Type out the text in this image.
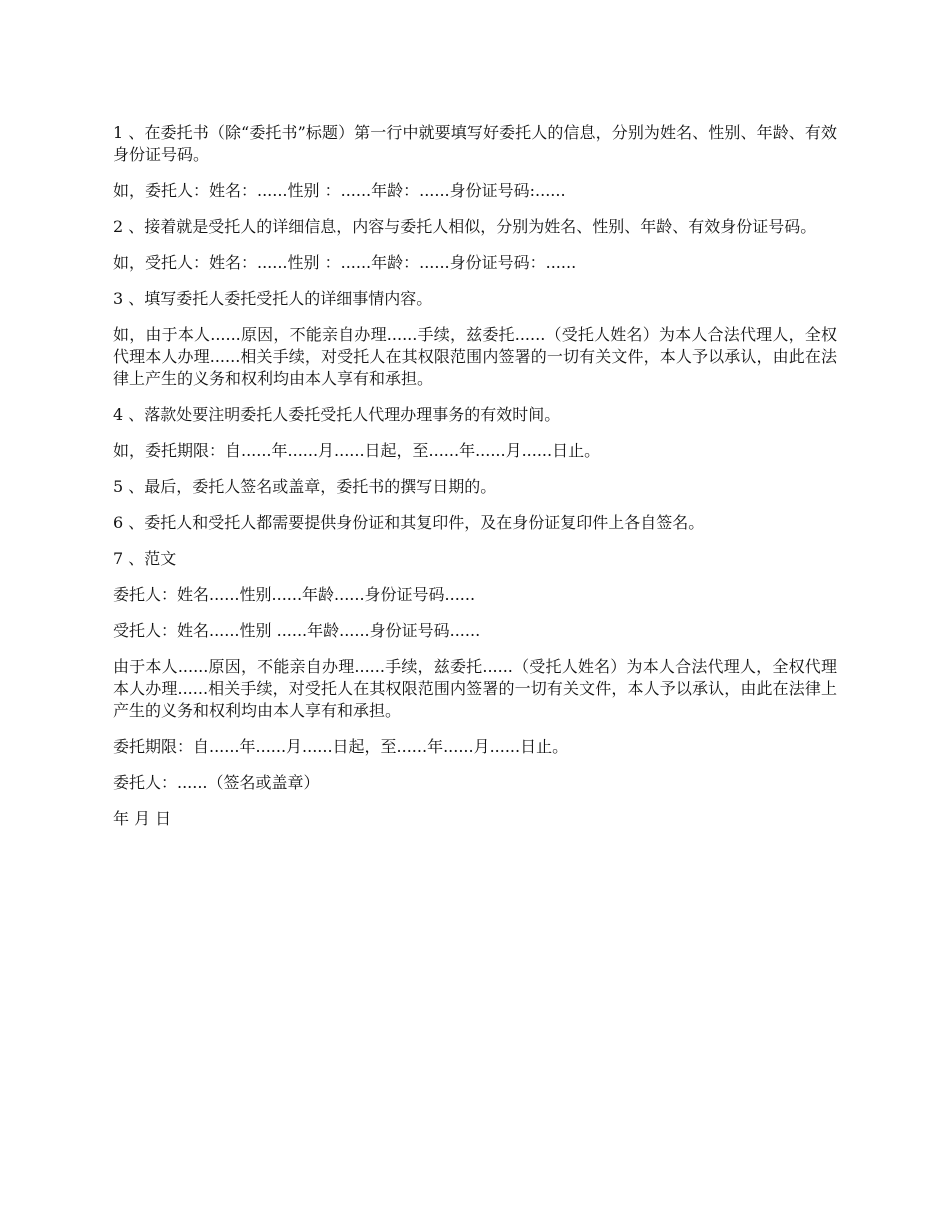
1 、在委托书（除“委托书”标题）第一行中就要填写好委托人的信息，分别为姓名、性别、年龄、有效身份证号码。

如，委托人：姓名：......性别 ：......年龄：......身份证号码:......

2 、接着就是受托人的详细信息，内容与委托人相似，分别为姓名、性别、年龄、有效身份证号码。

如，受托人：姓名：......性别 ：......年龄：......身份证号码：......

3 、填写委托人委托受托人的详细事情内容。

如，由于本人......原因，不能亲自办理......手续，兹委托......（受托人姓名）为本人合法代理人，全权代理本人办理......相关手续，对受托人在其权限范围内签署的一切有关文件，本人予以承认，由此在法律上产生的义务和权利均由本人享有和承担。

4 、落款处要注明委托人委托受托人代理办理事务的有效时间。

如，委托期限：自......年......月......日起，至......年......月......日止。

5 、最后，委托人签名或盖章，委托书的撰写日期的。

6 、委托人和受托人都需要提供身份证和其复印件，及在身份证复印件上各自签名。

7 、范文

委托人：姓名......性别......年龄......身份证号码......

受托人：姓名......性别 ......年龄......身份证号码......

由于本人......原因，不能亲自办理......手续，兹委托......（受托人姓名）为本人合法代理人，全权代理本人办理......相关手续，对受托人在其权限范围内签署的一切有关文件，本人予以承认，由此在法律上产生的义务和权利均由本人享有和承担。

委托期限：自......年......月......日起，至......年......月......日止。

委托人：......（签名或盖章）

年 月 日
